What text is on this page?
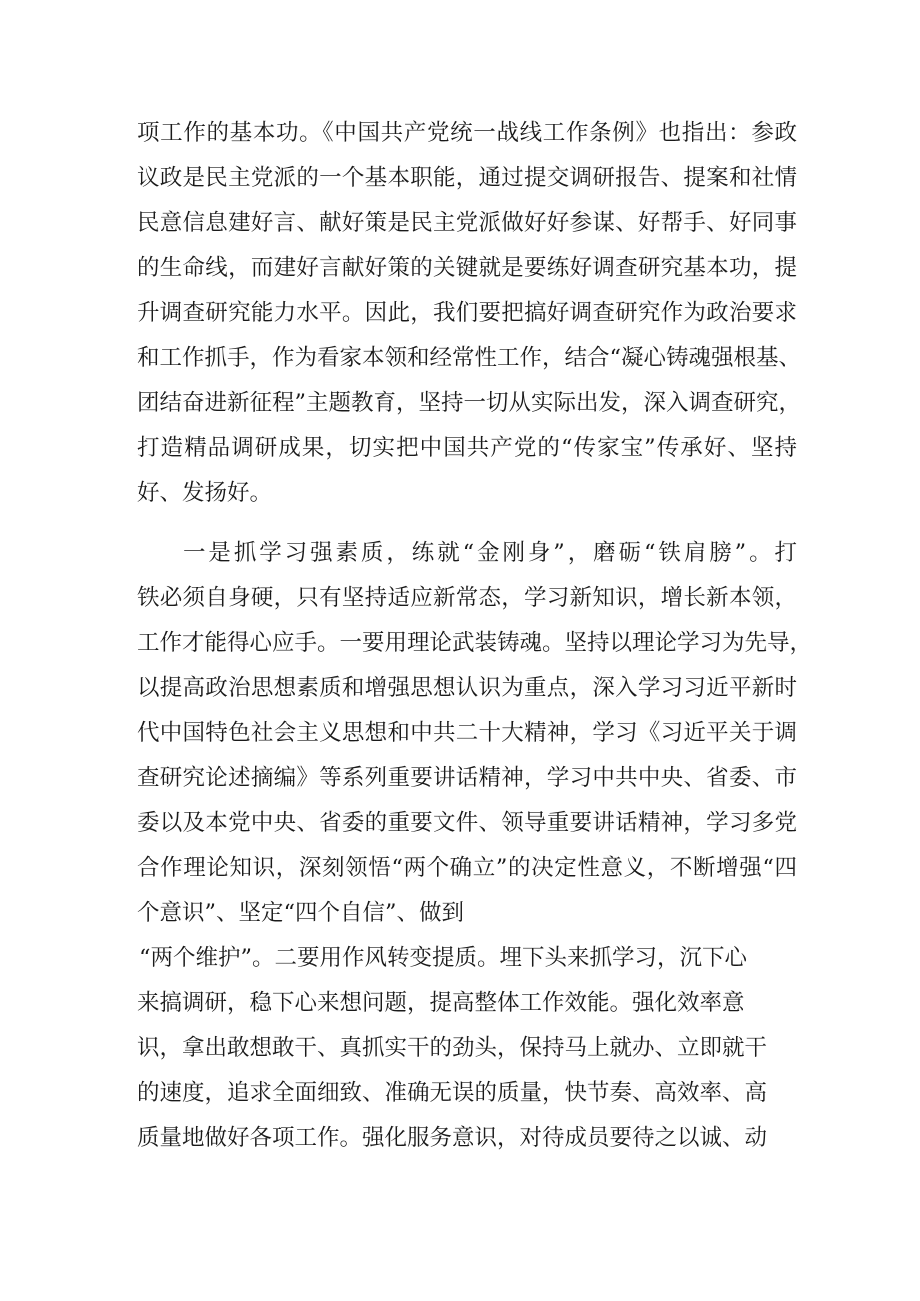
项工作的基本功。《中国共产党统一战线工作条例》也指出：参政
议政是民主党派的一个基本职能，通过提交调研报告、提案和社情
民意信息建好言、献好策是民主党派做好好参谋、好帮手、好同事
的生命线，而建好言献好策的关键就是要练好调查研究基本功，提
升调查研究能力水平。因此，我们要把搞好调查研究作为政治要求
和工作抓手，作为看家本领和经常性工作，结合“凝心铸魂强根基、
团结奋进新征程”主题教育，坚持一切从实际出发，深入调查研究，
打造精品调研成果，切实把中国共产党的“传家宝”传承好、坚持
好、发扬好。
一是抓学习强素质，练就“金刚身”，磨砺“铁肩膀”。打
铁必须自身硬，只有坚持适应新常态，学习新知识，增长新本领，
工作才能得心应手。一要用理论武装铸魂。坚持以理论学习为先导，
以提高政治思想素质和增强思想认识为重点，深入学习习近平新时
代中国特色社会主义思想和中共二十大精神，学习《习近平关于调
查研究论述摘编》等系列重要讲话精神，学习中共中央、省委、市
委以及本党中央、省委的重要文件、领导重要讲话精神，学习多党
合作理论知识，深刻领悟“两个确立”的决定性意义，不断增强“四
个意识”、坚定“四个自信”、做到
“两个维护”。二要用作风转变提质。埋下头来抓学习，沉下心
来搞调研，稳下心来想问题，提高整体工作效能。强化效率意
识，拿出敢想敢干、真抓实干的劲头，保持马上就办、立即就干
的速度，追求全面细致、准确无误的质量，快节奏、高效率、高
质量地做好各项工作。强化服务意识，对待成员要待之以诚、动
